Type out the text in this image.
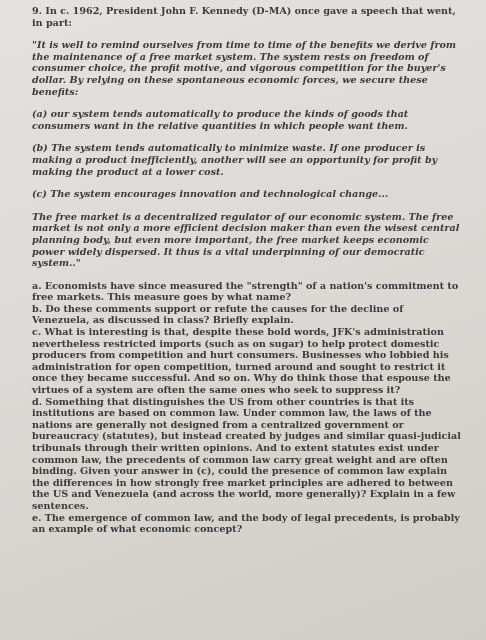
9. In c. 1962, President John F. Kennedy (D-MA) once gave a speech that went, in part:

"It is well to remind ourselves from time to time of the benefits we derive from the maintenance of a free market system. The system rests on freedom of consumer choice, the profit motive, and vigorous competition for the buyer's dollar. By relying on these spontaneous economic forces, we secure these benefits:

(a) our system tends automatically to produce the kinds of goods that consumers want in the relative quantities in which people want them.

(b) The system tends automatically to minimize waste. If one producer is making a product inefficiently, another will see an opportunity for profit by making the product at a lower cost.

(c) The system encourages innovation and technological change...

The free market is a decentralized regulator of our economic system. The free market is not only a more efficient decision maker than even the wisest central planning body, but even more important, the free market keeps economic power widely dispersed. It thus is a vital underpinning of our democratic system.."

a. Economists have since measured the "strength" of a nation's commitment to free markets. This measure goes by what name?

b. Do these comments support or refute the causes for the decline of Venezuela, as discussed in class? Briefly explain.

c. What is interesting is that, despite these bold words, JFK's administration nevertheless restricted imports (such as on sugar) to help protect domestic producers from competition and hurt consumers. Businesses who lobbied his administration for open competition, turned around and sought to restrict it once they became successful. And so on. Why do think those that espouse the virtues of a system are often the same ones who seek to suppress it?

d. Something that distinguishes the US from other countries is that its institutions are based on common law. Under common law, the laws of the nations are generally not designed from a centralized government or bureaucracy (statutes), but instead created by judges and similar quasi-judicial tribunals through their written opinions. And to extent statutes exist under common law, the precedents of common law carry great weight and are often binding. Given your answer in (c), could the presence of common law explain the differences in how strongly free market principles are adhered to between the US and Venezuela (and across the world, more generally)? Explain in a few sentences.

e. The emergence of common law, and the body of legal precedents, is probably an example of what economic concept?
